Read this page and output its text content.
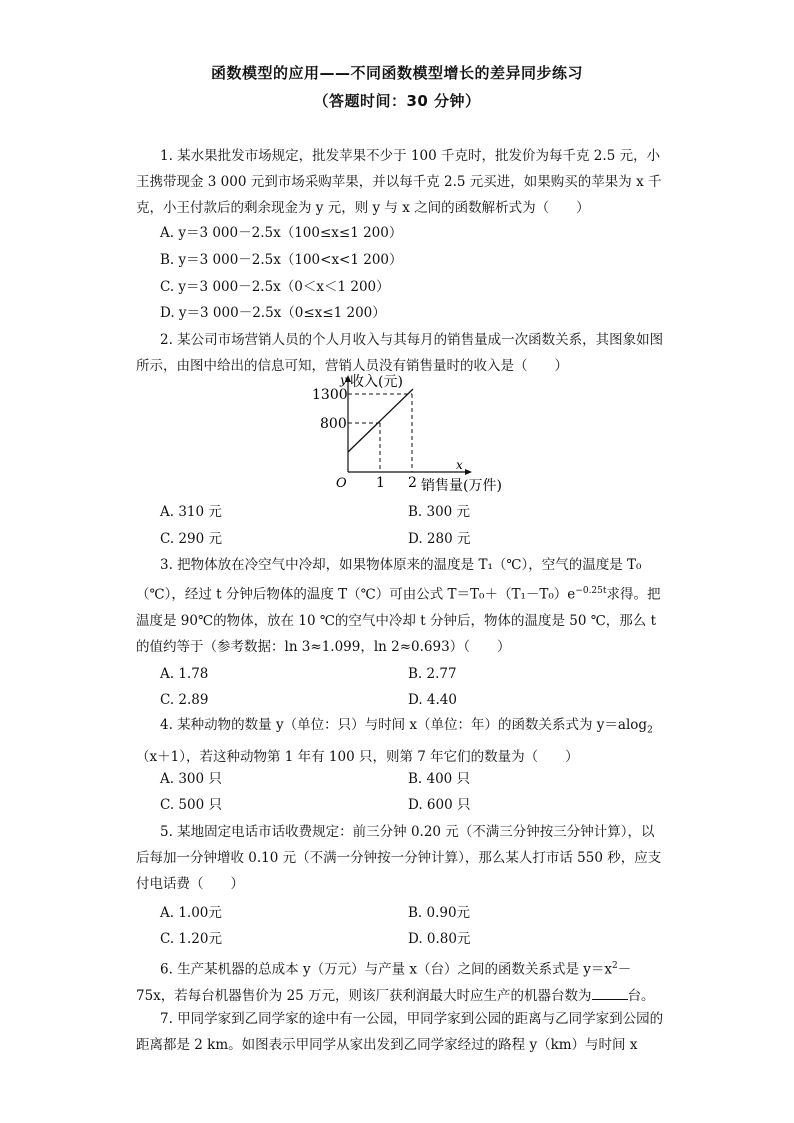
函数模型的应用——不同函数模型增长的差异同步练习
（答题时间：30 分钟）
1. 某水果批发市场规定，批发苹果不少于 100 千克时，批发价为每千克 2.5 元，小王携带现金 3 000 元到市场采购苹果，并以每千克 2.5 元买进，如果购买的苹果为 x 千克，小王付款后的剩余现金为 y 元，则 y 与 x 之间的函数解析式为（　　）
A. y＝3 000－2.5x（100≤x≤1 200）
B. y＝3 000－2.5x（100<x<1 200）
C. y＝3 000－2.5x（0＜x＜1 200）
D. y＝3 000－2.5x（0≤x≤1 200）
2. 某公司市场营销人员的个人月收入与其每月的销售量成一次函数关系，其图象如图所示，由图中给出的信息可知，营销人员没有销售量时的收入是（　　）
y 收入(元)
1300
800
O 1 2
x
销售量(万件)
A. 310 元	B. 300 元
C. 290 元	D. 280 元
3. 把物体放在冷空气中冷却，如果物体原来的温度是 T₁（℃），空气的温度是 T₀（℃），经过 t 分钟后物体的温度 T（℃）可由公式 $T=T_0+(T_1-T_0)e^{-0.25t}$求得。把温度是 90℃的物体，放在 10 ℃的空气中冷却 t 分钟后，物体的温度是 50 ℃，那么 t 的值约等于（参考数据：ln 3≈1.099，ln 2≈0.693）（　　）
A. 1.78	B. 2.77
C. 2.89	D. 4.40
4. 某种动物的数量 y（单位：只）与时间 x（单位：年）的函数关系式为 y＝alog$_2$（x＋1），若这种动物第 1 年有 100 只，则第 7 年它们的数量为（　　）
A. 300 只	B. 400 只
C. 500 只	D. 600 只
5. 某地固定电话市话收费规定：前三分钟 0.20 元（不满三分钟按三分钟计算），以后每加一分钟增收 0.10 元（不满一分钟按一分钟计算），那么某人打市话 550 秒，应支付电话费（　　）
A. 1.00元	B. 0.90元
C. 1.20元	D. 0.80元
6. 生产某机器的总成本 y（万元）与产量 x（台）之间的函数关系式是 $y=x^2-75x$，若每台机器售价为 25 万元，则该厂获利润最大时应生产的机器台数为	台。
7. 甲同学家到乙同学家的途中有一公园，甲同学家到公园的距离与乙同学家到公园的距离都是 2 km。如图表示甲同学从家出发到乙同学家经过的路程 y（km）与时间 x
